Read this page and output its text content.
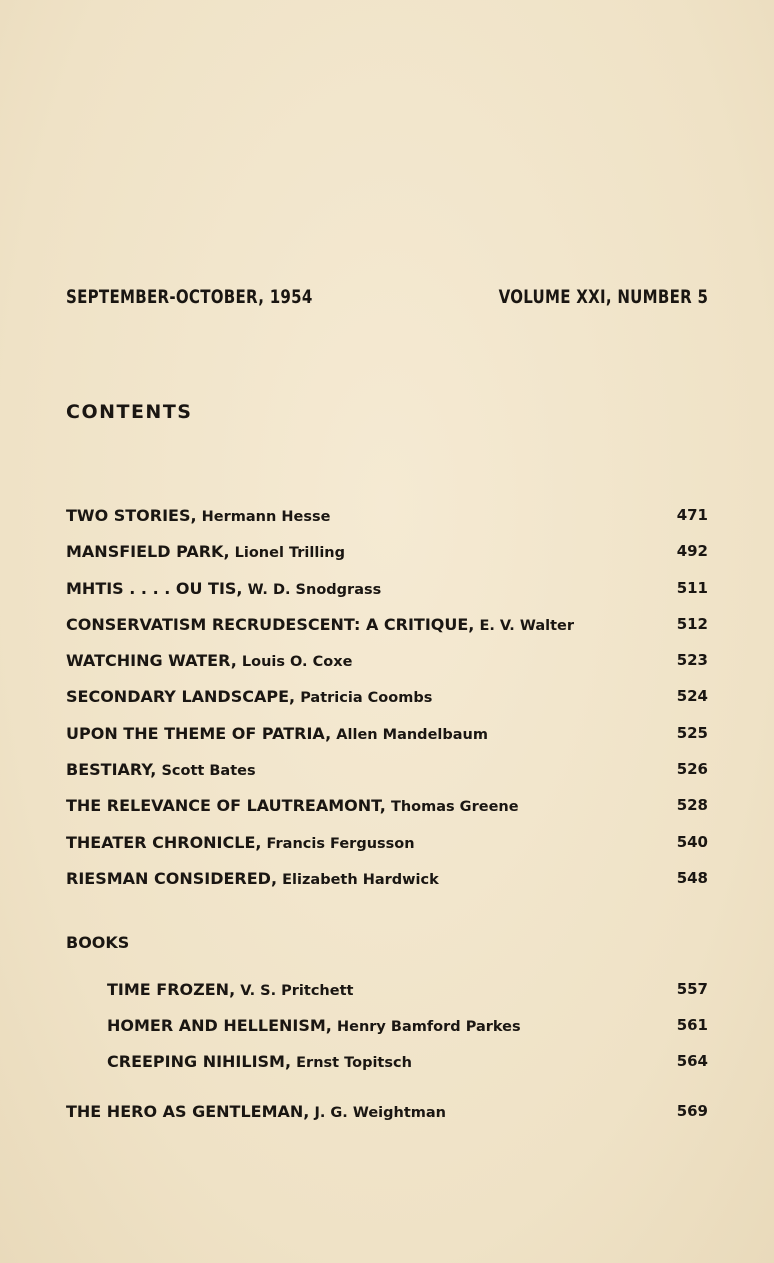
SEPTEMBER-OCTOBER, 1954	VOLUME XXI, NUMBER 5
CONTENTS
TWO STORIES, Hermann Hesse	471
MANSFIELD PARK, Lionel Trilling	492
MHTIS . . . . OU TIS, W. D. Snodgrass	511
CONSERVATISM RECRUDESCENT: A CRITIQUE, E. V. Walter	512
WATCHING WATER, Louis O. Coxe	523
SECONDARY LANDSCAPE, Patricia Coombs	524
UPON THE THEME OF PATRIA, Allen Mandelbaum	525
BESTIARY, Scott Bates	526
THE RELEVANCE OF LAUTREAMONT, Thomas Greene	528
THEATER CHRONICLE, Francis Fergusson	540
RIESMAN CONSIDERED, Elizabeth Hardwick	548
BOOKS
TIME FROZEN, V. S. Pritchett	557
HOMER AND HELLENISM, Henry Bamford Parkes	561
CREEPING NIHILISM, Ernst Topitsch	564
THE HERO AS GENTLEMAN, J. G. Weightman	569
